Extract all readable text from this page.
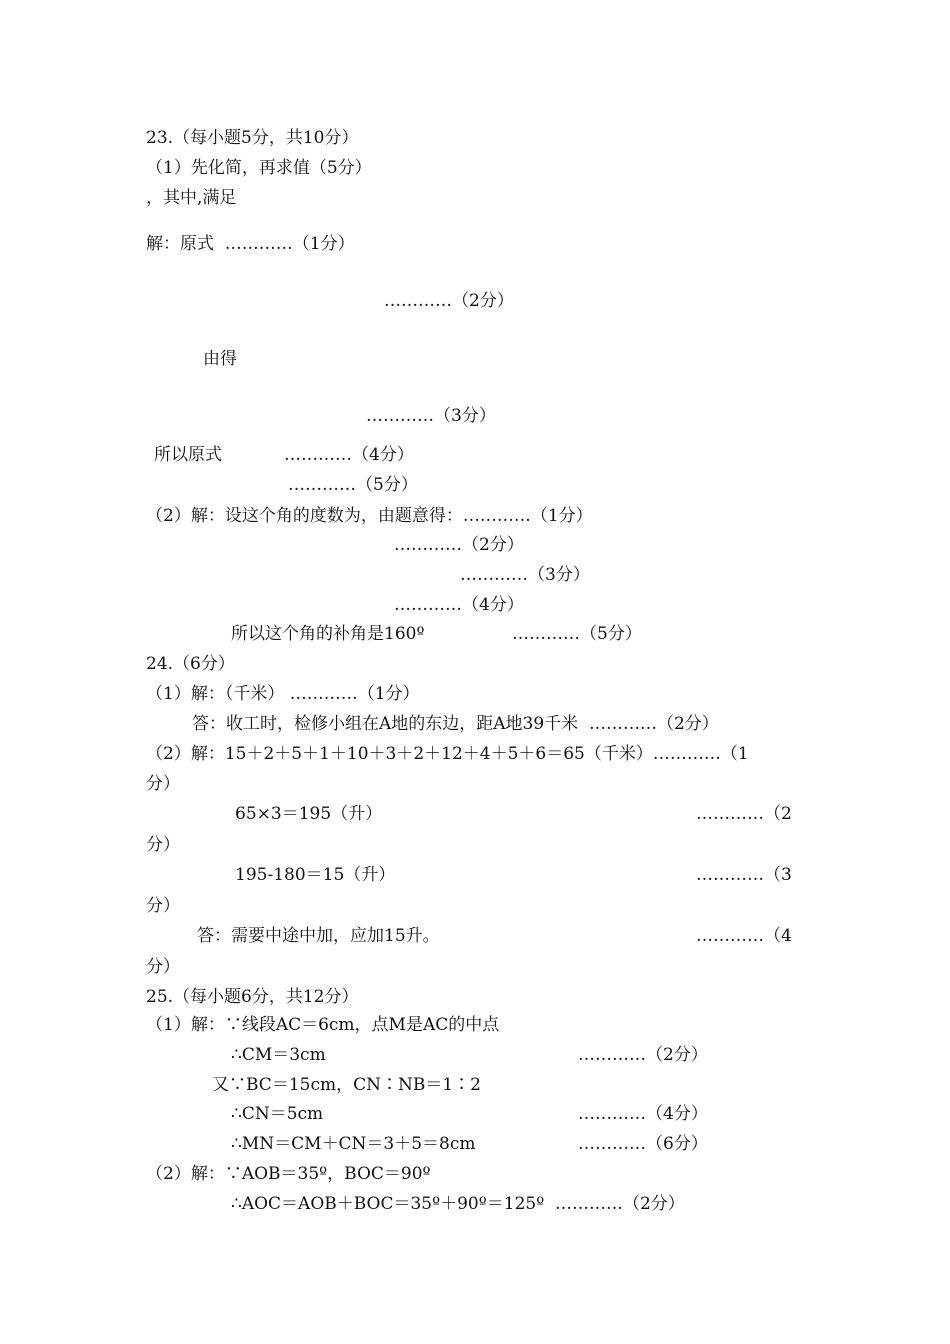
23.（每小题5分，共10分）
（1）先化简，再求值（5分）
，其中,满足
解：原式  …………（1分）
…………（2分）
由得
…………（3分）
所以原式	…………（4分）
…………（5分）
（2）解：设这个角的度数为，由题意得：…………（1分）
…………（2分）
…………（3分）
…………（4分）
所以这个角的补角是160º	…………（5分）
24.（6分）
（1）解：（千米） …………（1分）
答：收工时，检修小组在A地的东边，距A地39千米  …………（2分）
（2）解：15＋2＋5＋1＋10＋3＋2＋12＋4＋5＋6＝65（千米）…………（1
分）
65×3＝195（升）	…………（2
分）
195-180＝15（升）	…………（3
分）
答：需要中途中加，应加15升。	…………（4
分）
25.（每小题6分，共12分）
（1）解：∵线段AC＝6cm，点M是AC的中点
∴CM＝3cm	…………（2分）
又∵BC＝15cm，CN∶NB＝1∶2
∴CN＝5cm	…………（4分）
∴MN＝CM＋CN＝3＋5＝8cm	…………（6分）
（2）解：∵AOB＝35º，BOC＝90º
∴AOC＝AOB＋BOC＝35º＋90º＝125º  …………（2分）
